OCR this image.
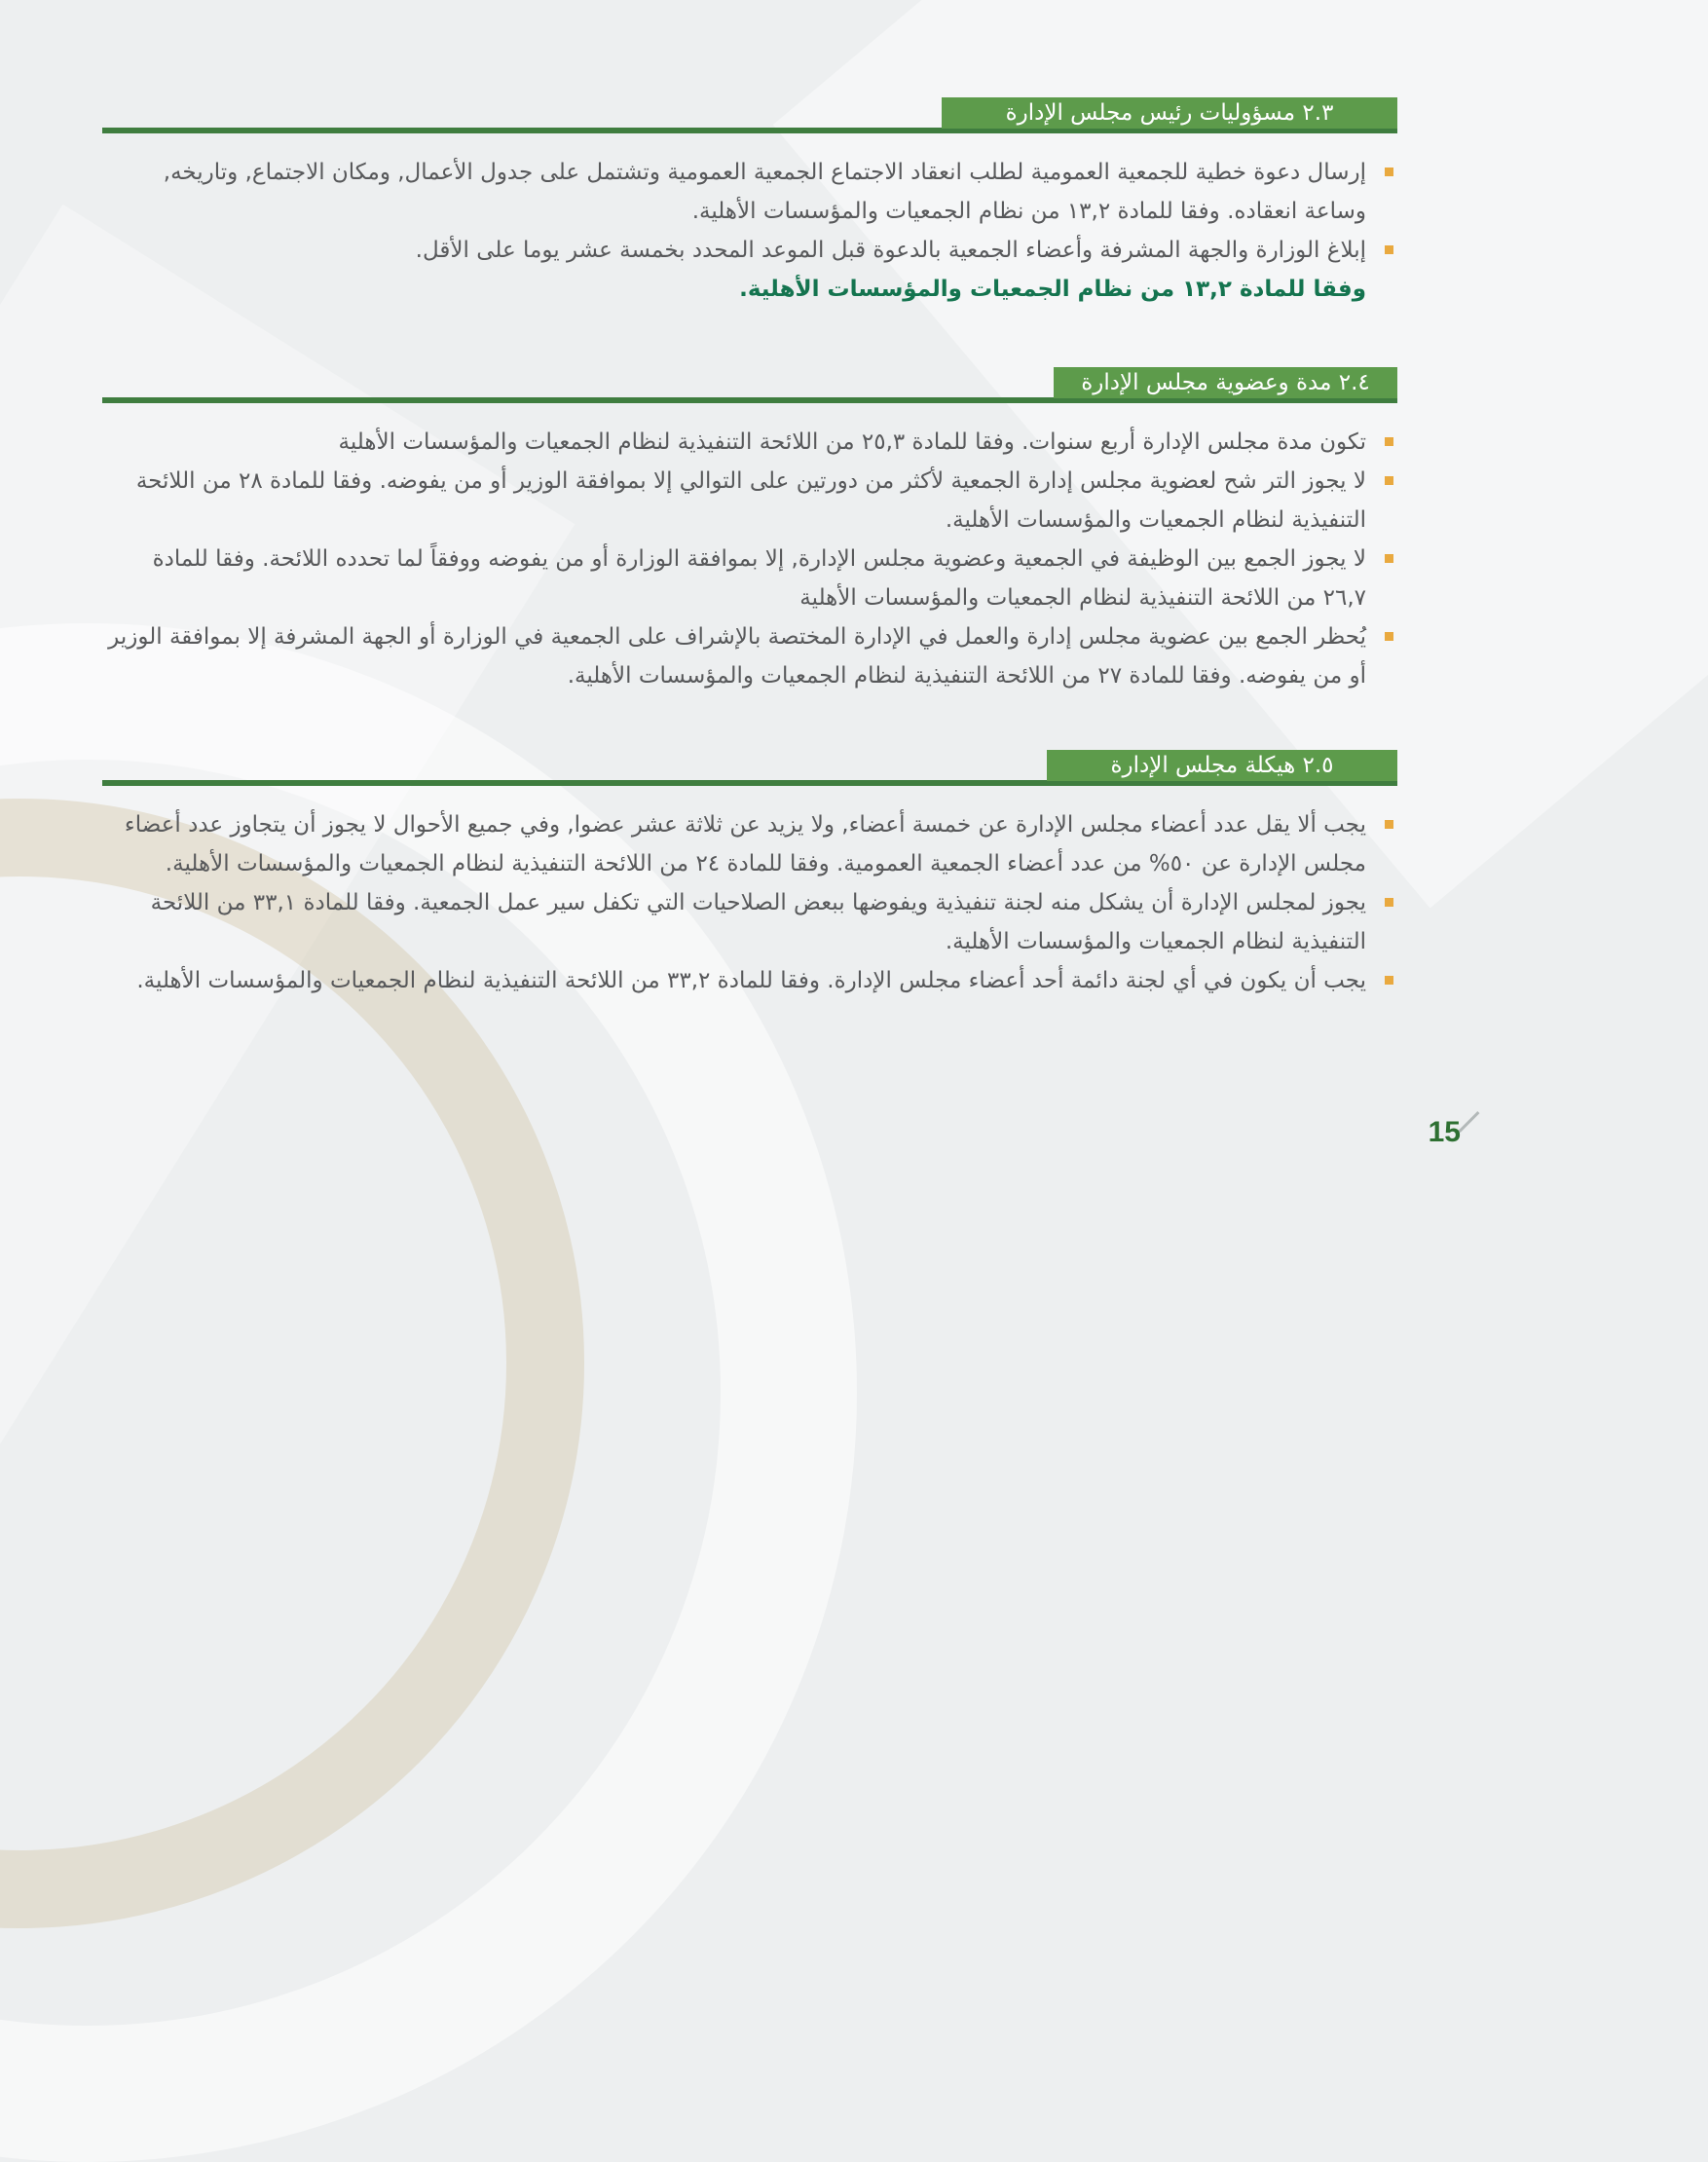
٢.٣ مسؤوليات رئيس مجلس الإدارة
إرسال دعوة خطية للجمعية العمومية لطلب انعقاد الاجتماع الجمعية العمومية وتشتمل على جدول الأعمال, ومكان الاجتماع, وتاريخه, وساعة انعقاده. وفقا للمادة ١٣,٢ من نظام الجمعيات والمؤسسات الأهلية.
إبلاغ الوزارة والجهة المشرفة وأعضاء الجمعية بالدعوة قبل الموعد المحدد بخمسة عشر يوما على الأقل.
وفقا للمادة ١٣,٢ من نظام الجمعيات والمؤسسات الأهلية.
٢.٤ مدة وعضوية مجلس الإدارة
تكون مدة مجلس الإدارة أربع سنوات. وفقا للمادة ٢٥,٣ من اللائحة التنفيذية لنظام الجمعيات والمؤسسات الأهلية
لا يجوز التر شح لعضوية مجلس إدارة الجمعية لأكثر من دورتين على التوالي إلا بموافقة الوزير أو من يفوضه. وفقا للمادة ٢٨ من اللائحة التنفيذية لنظام الجمعيات والمؤسسات الأهلية.
لا يجوز الجمع بين الوظيفة في الجمعية وعضوية مجلس الإدارة, إلا بموافقة الوزارة أو من يفوضه ووفقاً لما تحدده اللائحة. وفقا للمادة ٢٦,٧ من اللائحة التنفيذية لنظام الجمعيات والمؤسسات الأهلية
يُحظر الجمع بين عضوية مجلس إدارة والعمل في الإدارة المختصة بالإشراف على الجمعية في الوزارة أو الجهة المشرفة إلا بموافقة الوزير أو من يفوضه. وفقا للمادة ٢٧ من اللائحة التنفيذية لنظام الجمعيات والمؤسسات الأهلية.
٢.٥ هيكلة مجلس الإدارة
يجب ألا يقل عدد أعضاء مجلس الإدارة عن خمسة أعضاء, ولا يزيد عن ثلاثة عشر عضوا, وفي جميع الأحوال لا يجوز أن يتجاوز عدد أعضاء مجلس الإدارة عن ٥٠% من عدد أعضاء الجمعية العمومية. وفقا للمادة ٢٤ من اللائحة التنفيذية لنظام الجمعيات والمؤسسات الأهلية.
يجوز لمجلس الإدارة أن يشكل منه لجنة تنفيذية ويفوضها ببعض الصلاحيات التي تكفل سير عمل الجمعية. وفقا للمادة ٣٣,١ من اللائحة التنفيذية لنظام الجمعيات والمؤسسات الأهلية.
يجب أن يكون في أي لجنة دائمة أحد أعضاء مجلس الإدارة. وفقا للمادة ٣٣,٢ من اللائحة التنفيذية لنظام الجمعيات والمؤسسات الأهلية.
15
